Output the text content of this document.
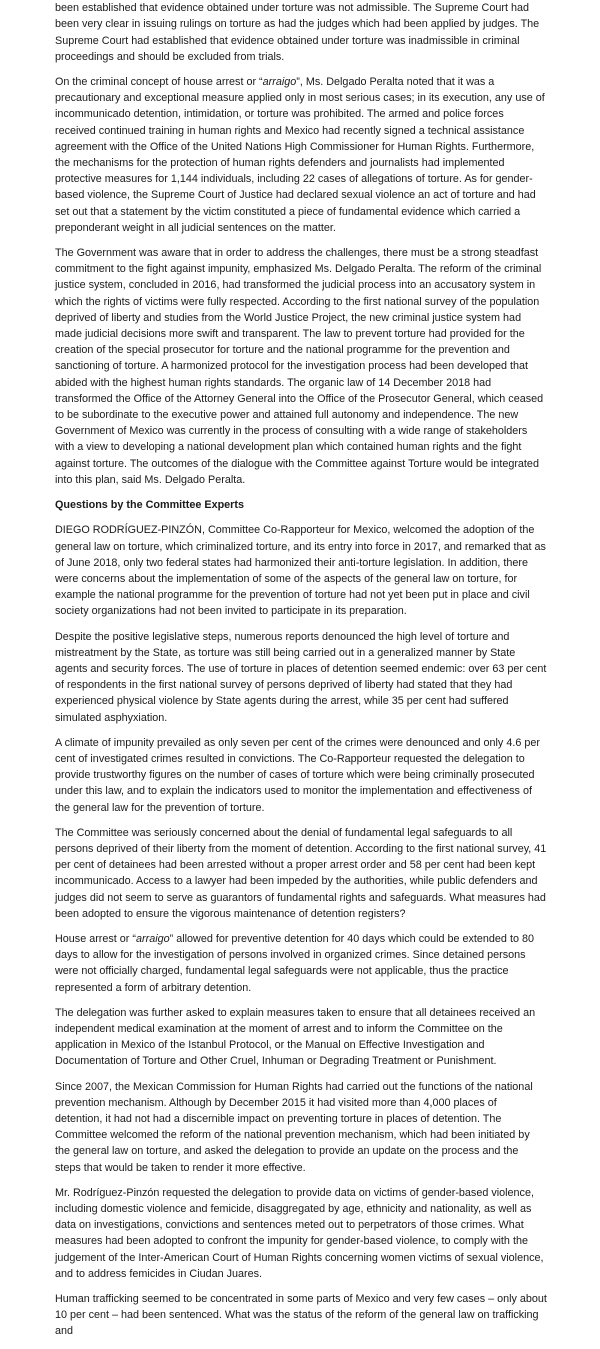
been established that evidence obtained under torture was not admissible. The Supreme Court had been very clear in issuing rulings on torture as had the judges which had been applied by judges. The Supreme Court had established that evidence obtained under torture was inadmissible in criminal proceedings and should be excluded from trials.

On the criminal concept of house arrest or “arraigo”, Ms. Delgado Peralta noted that it was a precautionary and exceptional measure applied only in most serious cases; in its execution, any use of incommunicado detention, intimidation, or torture was prohibited. The armed and police forces received continued training in human rights and Mexico had recently signed a technical assistance agreement with the Office of the United Nations High Commissioner for Human Rights. Furthermore, the mechanisms for the protection of human rights defenders and journalists had implemented protective measures for 1,144 individuals, including 22 cases of allegations of torture. As for gender-based violence, the Supreme Court of Justice had declared sexual violence an act of torture and had set out that a statement by the victim constituted a piece of fundamental evidence which carried a preponderant weight in all judicial sentences on the matter.

The Government was aware that in order to address the challenges, there must be a strong steadfast commitment to the fight against impunity, emphasized Ms. Delgado Peralta. The reform of the criminal justice system, concluded in 2016, had transformed the judicial process into an accusatory system in which the rights of victims were fully respected. According to the first national survey of the population deprived of liberty and studies from the World Justice Project, the new criminal justice system had made judicial decisions more swift and transparent. The law to prevent torture had provided for the creation of the special prosecutor for torture and the national programme for the prevention and sanctioning of torture. A harmonized protocol for the investigation process had been developed that abided with the highest human rights standards. The organic law of 14 December 2018 had transformed the Office of the Attorney General into the Office of the Prosecutor General, which ceased to be subordinate to the executive power and attained full autonomy and independence. The new Government of Mexico was currently in the process of consulting with a wide range of stakeholders with a view to developing a national development plan which contained human rights and the fight against torture. The outcomes of the dialogue with the Committee against Torture would be integrated into this plan, said Ms. Delgado Peralta.

Questions by the Committee Experts

DIEGO RODRÍGUEZ-PINZÓN, Committee Co-Rapporteur for Mexico, welcomed the adoption of the general law on torture, which criminalized torture, and its entry into force in 2017, and remarked that as of June 2018, only two federal states had harmonized their anti-torture legislation. In addition, there were concerns about the implementation of some of the aspects of the general law on torture, for example the national programme for the prevention of torture had not yet been put in place and civil society organizations had not been invited to participate in its preparation.

Despite the positive legislative steps, numerous reports denounced the high level of torture and mistreatment by the State, as torture was still being carried out in a generalized manner by State agents and security forces. The use of torture in places of detention seemed endemic: over 63 per cent of respondents in the first national survey of persons deprived of liberty had stated that they had experienced physical violence by State agents during the arrest, while 35 per cent had suffered simulated asphyxiation.

A climate of impunity prevailed as only seven per cent of the crimes were denounced and only 4.6 per cent of investigated crimes resulted in convictions. The Co-Rapporteur requested the delegation to provide trustworthy figures on the number of cases of torture which were being criminally prosecuted under this law, and to explain the indicators used to monitor the implementation and effectiveness of the general law for the prevention of torture.

The Committee was seriously concerned about the denial of fundamental legal safeguards to all persons deprived of their liberty from the moment of detention. According to the first national survey, 41 per cent of detainees had been arrested without a proper arrest order and 58 per cent had been kept incommunicado. Access to a lawyer had been impeded by the authorities, while public defenders and judges did not seem to serve as guarantors of fundamental rights and safeguards. What measures had been adopted to ensure the vigorous maintenance of detention registers?

House arrest or “arraigo” allowed for preventive detention for 40 days which could be extended to 80 days to allow for the investigation of persons involved in organized crimes. Since detained persons were not officially charged, fundamental legal safeguards were not applicable, thus the practice represented a form of arbitrary detention.

The delegation was further asked to explain measures taken to ensure that all detainees received an independent medical examination at the moment of arrest and to inform the Committee on the application in Mexico of the Istanbul Protocol, or the Manual on Effective Investigation and Documentation of Torture and Other Cruel, Inhuman or Degrading Treatment or Punishment.

Since 2007, the Mexican Commission for Human Rights had carried out the functions of the national prevention mechanism. Although by December 2015 it had visited more than 4,000 places of detention, it had not had a discernible impact on preventing torture in places of detention. The Committee welcomed the reform of the national prevention mechanism, which had been initiated by the general law on torture, and asked the delegation to provide an update on the process and the steps that would be taken to render it more effective.

Mr. Rodríguez-Pinzón requested the delegation to provide data on victims of gender-based violence, including domestic violence and femicide, disaggregated by age, ethnicity and nationality, as well as data on investigations, convictions and sentences meted out to perpetrators of those crimes. What measures had been adopted to confront the impunity for gender-based violence, to comply with the judgement of the Inter-American Court of Human Rights concerning women victims of sexual violence, and to address femicides in Ciudan Juares.

Human trafficking seemed to be concentrated in some parts of Mexico and very few cases – only about 10 per cent – had been sentenced. What was the status of the reform of the general law on trafficking and
